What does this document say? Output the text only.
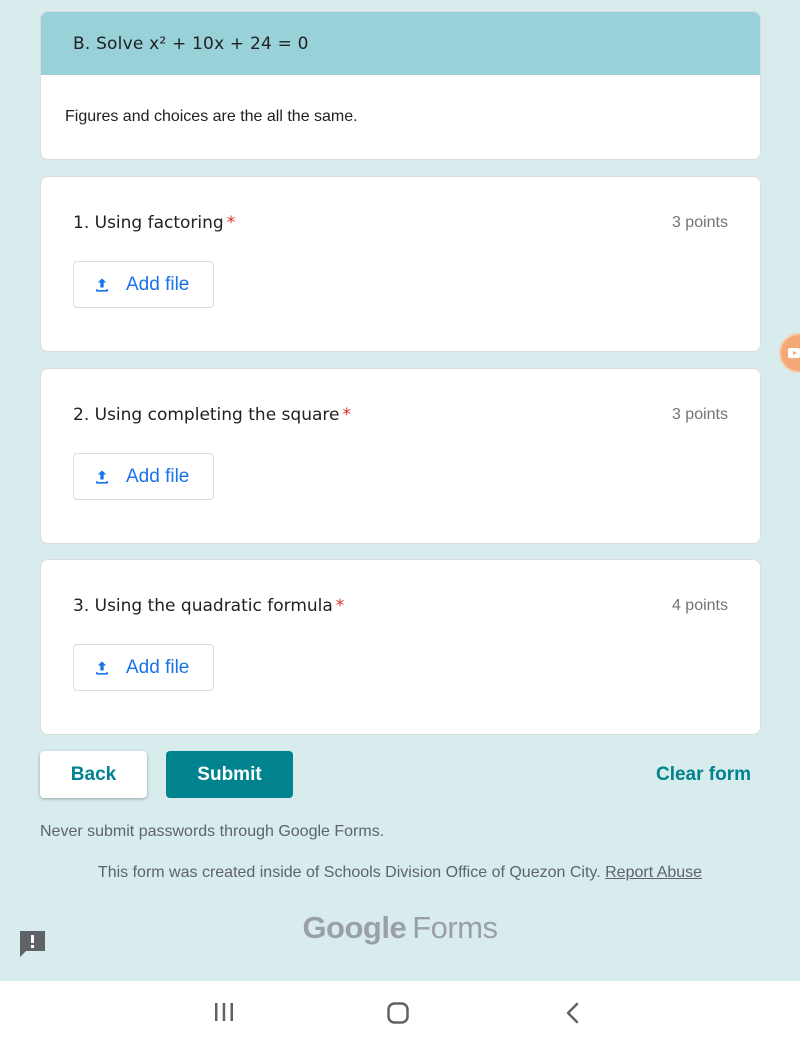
B. Solve x² + 10x + 24 = 0
Figures and choices are the all the same.
1. Using factoring *	3 points
Add file
2. Using completing the square *	3 points
Add file
3. Using the quadratic formula *	4 points
Add file
Back	Submit	Clear form
Never submit passwords through Google Forms.
This form was created inside of Schools Division Office of Quezon City. Report Abuse
Google Forms
